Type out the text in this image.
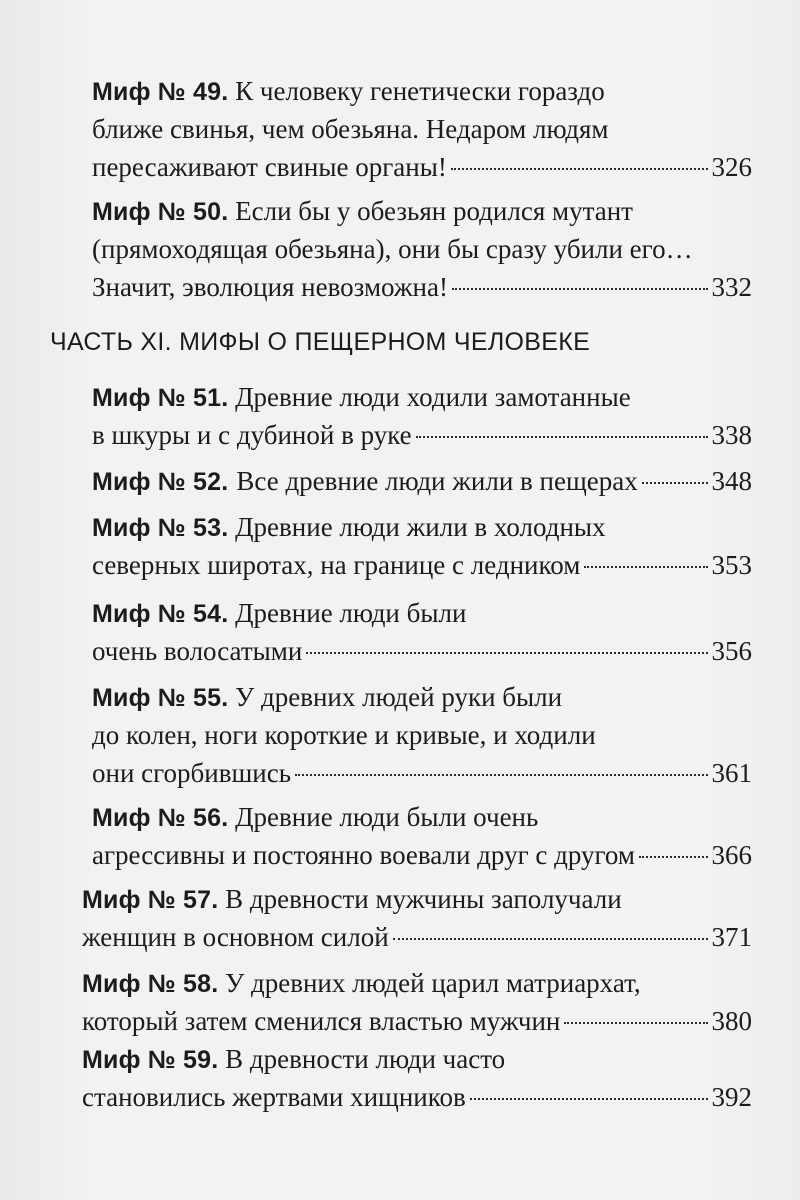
Миф № 49. К человеку генетически гораздо
ближе свинья, чем обезьяна. Недаром людям
пересаживают свиные органы!	326
Миф № 50. Если бы у обезьян родился мутант
(прямоходящая обезьяна), они бы сразу убили его…
Значит, эволюция невозможна!	332
ЧАСТЬ XI. МИФЫ О ПЕЩЕРНОМ ЧЕЛОВЕКЕ
Миф № 51. Древние люди ходили замотанные
в шкуры и с дубиной в руке	338
Миф № 52. Все древние люди жили в пещерах	348
Миф № 53. Древние люди жили в холодных
северных широтах, на границе с ледником	353
Миф № 54. Древние люди были
очень волосатыми	356
Миф № 55. У древних людей руки были
до колен, ноги короткие и кривые, и ходили
они сгорбившись	361
Миф № 56. Древние люди были очень
агрессивны и постоянно воевали друг с другом	366
Миф № 57. В древности мужчины заполучали
женщин в основном силой	371
Миф № 58. У древних людей царил матриархат,
который затем сменился властью мужчин	380
Миф № 59. В древности люди часто
становились жертвами хищников	392
